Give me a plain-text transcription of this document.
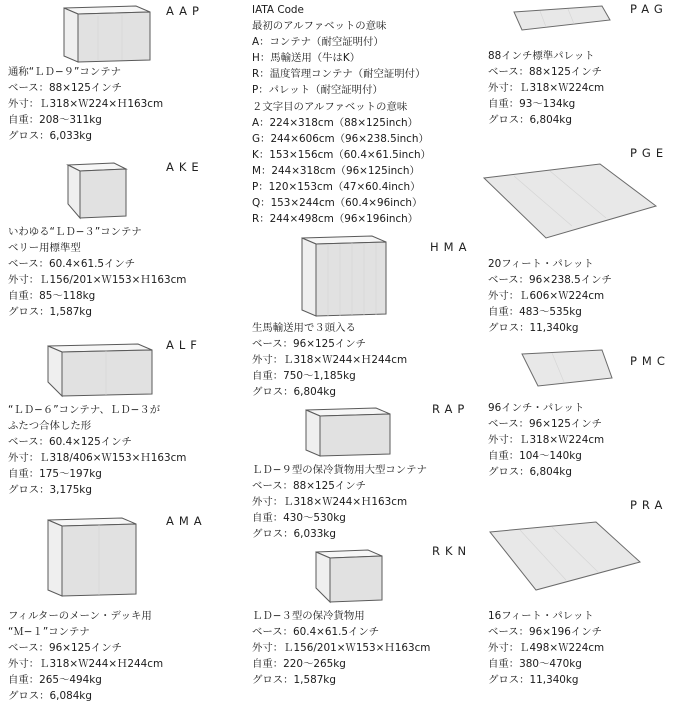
AAP
通称“ＬＤ−９”コンテナ
ベース：88×125インチ
外寸：Ｌ318×Ｗ224×Ｈ163cm
自重：208〜311kg
グロス：6,033kg
AKE
いわゆる“ＬＤ−３”コンテナ
ベリー用標準型
ベース：60.4×61.5インチ
外寸：Ｌ156/201×Ｗ153×Ｈ163cm
自重：85〜118kg
グロス：1,587kg
ALF
“ＬＤ−６”コンテナ、ＬＤ−３が
ふたつ合体した形
ベース：60.4×125インチ
外寸：Ｌ318/406×Ｗ153×Ｈ163cm
自重：175〜197kg
グロス：3,175kg
AMA
フィルターのメーン・デッキ用
“Ｍ−１”コンテナ
ベース：96×125インチ
外寸：Ｌ318×Ｗ244×Ｈ244cm
自重：265〜494kg
グロス：6,084kg
IATA Code
最初のアルファベットの意味
A：コンテナ（耐空証明付）
H：馬輸送用（牛はK）
R：温度管理コンテナ（耐空証明付）
P：パレット（耐空証明付）
２文字目のアルファベットの意味
A：224×318cm（88×125inch）
G：244×606cm（96×238.5inch）
K：153×156cm（60.4×61.5inch）
M：244×318cm（96×125inch）
P：120×153cm（47×60.4inch）
Q：153×244cm（60.4×96inch）
R：244×498cm（96×196inch）
HMA
生馬輸送用で３頭入る
ベース：96×125インチ
外寸：Ｌ318×Ｗ244×Ｈ244cm
自重：750〜1,185kg
グロス：6,804kg
RAP
ＬＤ−９型の保冷貨物用大型コンテナ
ベース：88×125インチ
外寸：Ｌ318×Ｗ244×Ｈ163cm
自重：430〜530kg
グロス：6,033kg
RKN
ＬＤ−３型の保冷貨物用
ベース：60.4×61.5インチ
外寸：Ｌ156/201×Ｗ153×Ｈ163cm
自重：220〜265kg
グロス：1,587kg
PAG
88インチ標準パレット
ベース：88×125インチ
外寸：Ｌ318×Ｗ224cm
自重：93〜134kg
グロス：6,804kg
PGE
20フィート・パレット
ベース：96×238.5インチ
外寸：Ｌ606×Ｗ224cm
自重：483〜535kg
グロス：11,340kg
PMC
96インチ・パレット
ベース：96×125インチ
外寸：Ｌ318×Ｗ224cm
自重：104〜140kg
グロス：6,804kg
PRA
16フィート・パレット
ベース：96×196インチ
外寸：Ｌ498×Ｗ224cm
自重：380〜470kg
グロス：11,340kg
